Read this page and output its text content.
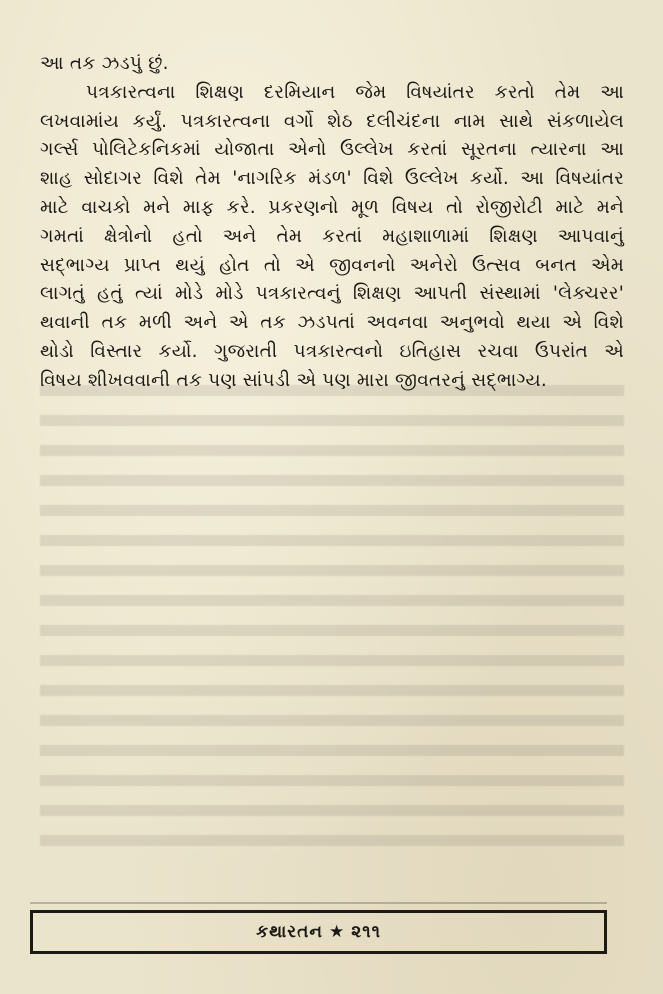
આ તક ઝડપું છું.
પત્રકારત્વના શિક્ષણ દરમિયાન જેમ વિષયાંતર કરતો તેમ આ
લખવામાંય કર્યું. પત્રકારત્વના વર્ગો શેઠ દલીચંદના નામ સાથે સંકળાયેલ
ગર્લ્સ પોલિટેકનિકમાં યોજાતા એનો ઉલ્લેખ કરતાં સૂરતના ત્યારના આ
શાહ સોદાગર વિશે તેમ 'નાગરિક મંડળ' વિશે ઉલ્લેખ કર્યો. આ વિષયાંતર
માટે વાચકો મને માફ કરે. પ્રકરણનો મૂળ વિષય તો રોજીરોટી માટે મને
ગમતાં ક્ષેત્રોનો હતો અને તેમ કરતાં મહાશાળામાં શિક્ષણ આપવાનું
સદ્ભાગ્ય પ્રાપ્ત થયું હોત તો એ જીવનનો અનેરો ઉત્સવ બનત એમ
લાગતું હતું ત્યાં મોડે મોડે પત્રકારત્વનું શિક્ષણ આપતી સંસ્થામાં 'લેક્ચરર'
થવાની તક મળી અને એ તક ઝડપતાં અવનવા અનુભવો થયા એ વિશે
થોડો વિસ્તાર કર્યો. ગુજરાતી પત્રકારત્વનો ઇતિહાસ રચવા ઉપરાંત એ
વિષય શીખવવાની તક પણ સાંપડી એ પણ મારા જીવતરનું સદ્ભાગ્ય.
કથારતન ★ ૨૧૧
